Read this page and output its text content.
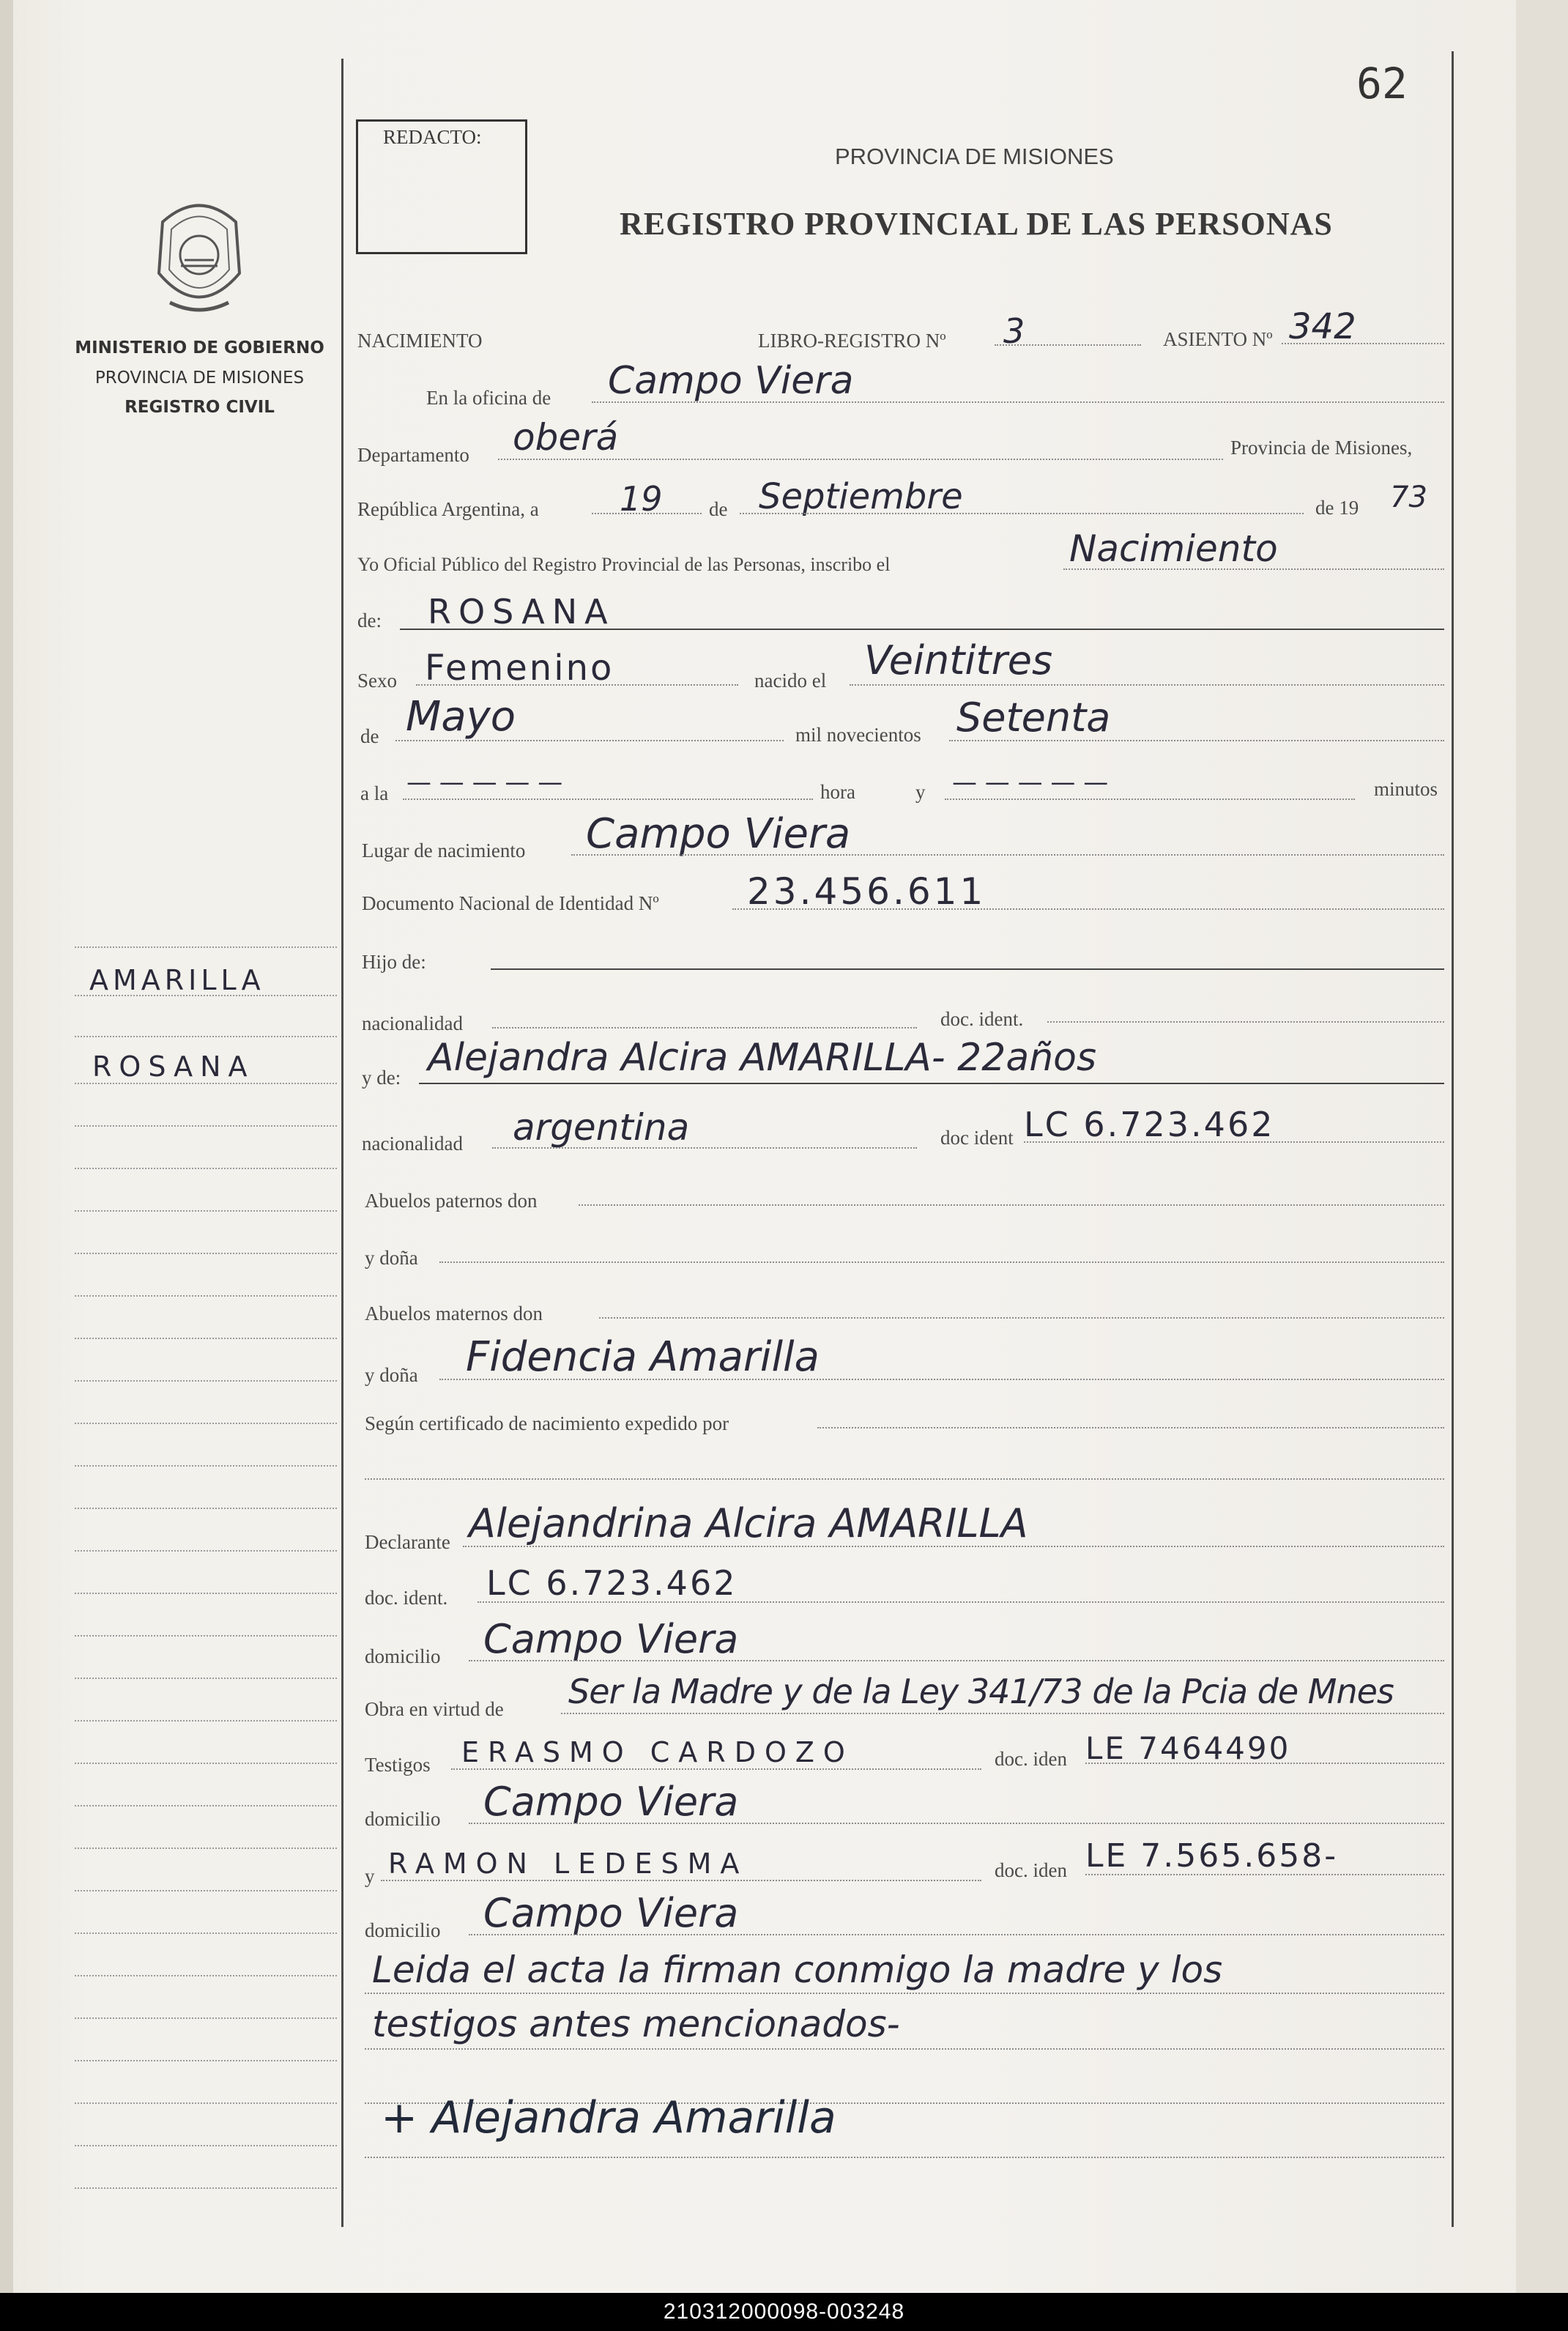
62
REDACTO:
PROVINCIA DE MISIONES
REGISTRO PROVINCIAL DE LAS PERSONAS
MINISTERIO DE GOBIERNO
PROVINCIA DE MISIONES
REGISTRO CIVIL
AMARILLA
ROSANA
NACIMIENTO	LIBRO-REGISTRO Nº 3	ASIENTO Nº 342
En la oficina de Campo Viera
Departamento oberá	Provincia de Misiones,
República Argentina, a 19 de Septiembre	de 19 73
Yo Oficial Público del Registro Provincial de las Personas, inscribo el	Nacimiento
de: ROSANA
Sexo Femenino	nacido el Veintitres
de Mayo	mil novecientos Setenta
a la — — — — —	hora	y — — — — —	minutos
Lugar de nacimiento Campo Viera
Documento Nacional de Identidad Nº 23.456.611
Hijo de:
nacionalidad	doc. ident.
y de: Alejandra Alcira AMARILLA- 22años
nacionalidad argentina	doc ident LC 6.723.462
Abuelos paternos don
y doña
Abuelos maternos don
y doña Fidencia Amarilla
Según certificado de nacimiento expedido por
Declarante Alejandrina Alcira AMARILLA
doc. ident. LC 6.723.462
domicilio Campo Viera
Obra en virtud de Ser la Madre y de la Ley 341/73 de la Pcia de Mnes
Testigos ERASMO CARDOZO	doc. iden LE 7464490
domicilio Campo Viera
y RAMON LEDESMA	doc. iden LE 7.565.658-
domicilio Campo Viera
Leida el acta la firman conmigo la madre y los
testigos antes mencionados-
+ Alejandra Amarilla
210312000098-003248
